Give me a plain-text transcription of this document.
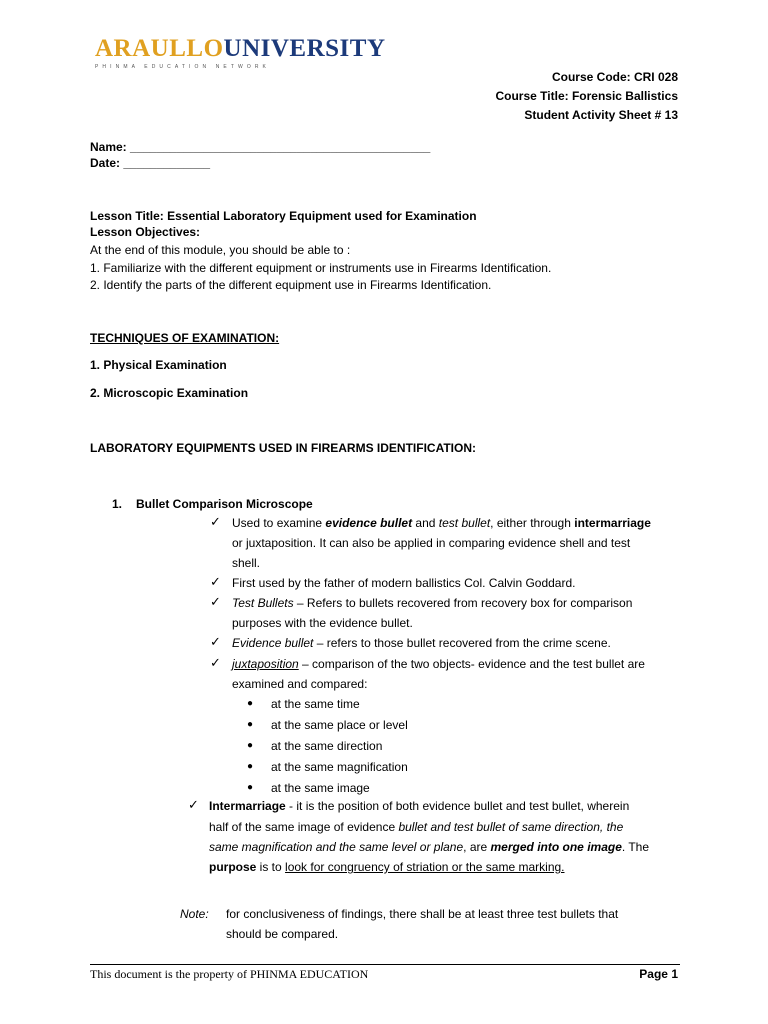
ARAULLOUNIVERSITY
PHINMA EDUCATION NETWORK
Course Code: CRI 028
Course Title: Forensic Ballistics
Student Activity Sheet # 13
Name: _____________________________________________
Date: _____________
Lesson Title: Essential Laboratory Equipment used for Examination
Lesson Objectives:
At the end of this module, you should be able to :
1. Familiarize with the different equipment or instruments use in Firearms Identification.
2. Identify the parts of the different equipment use in Firearms Identification.
TECHNIQUES OF EXAMINATION:
1. Physical Examination
2. Microscopic Examination
LABORATORY EQUIPMENTS USED IN FIREARMS IDENTIFICATION:
1. Bullet Comparison Microscope
✓ Used to examine evidence bullet and test bullet, either through intermarriage
or juxtaposition. It can also be applied in comparing evidence shell and test
shell.
✓ First used by the father of modern ballistics Col. Calvin Goddard.
✓ Test Bullets – Refers to bullets recovered from recovery box for comparison
purposes with the evidence bullet.
✓ Evidence bullet – refers to those bullet recovered from the crime scene.
✓ juxtaposition – comparison of the two objects- evidence and the test bullet are
examined and compared:
● at the same time
● at the same place or level
● at the same direction
● at the same magnification
● at the same image
✓ Intermarriage - it is the position of both evidence bullet and test bullet, wherein
half of the same image of evidence bullet and test bullet of same direction, the
same magnification and the same level or plane, are merged into one image. The
purpose is to look for congruency of striation or the same marking.
Note: for conclusiveness of findings, there shall be at least three test bullets that
should be compared.
This document is the property of PHINMA EDUCATION	Page 1
